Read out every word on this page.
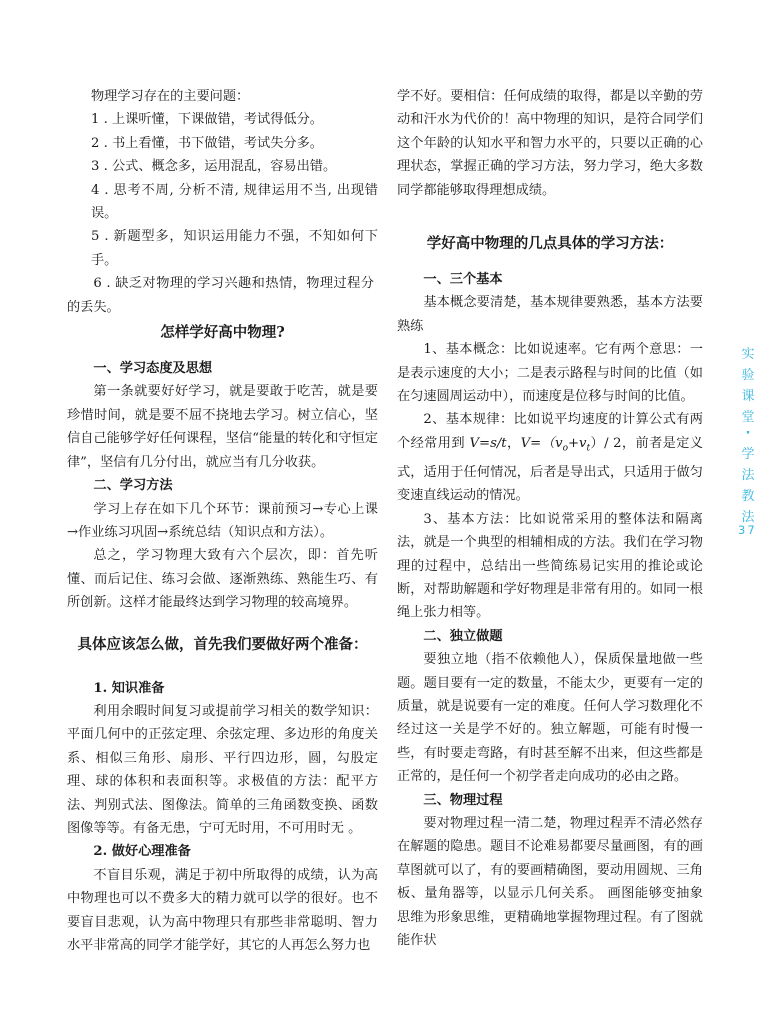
物理学习存在的主要问题：

1 . 上课听懂，下课做错，考试得低分。

2 . 书上看懂，书下做错，考试失分多。

3 . 公式、概念多，运用混乱，容易出错。

4 . 思考不周, 分析不清, 规律运用不当, 出现错误。

5 . 新题型多，知识运用能力不强，不知如何下手。

6 . 缺乏对物理的学习兴趣和热情，物理过程分的丢失。

怎样学好高中物理?

一、学习态度及思想

第一条就要好好学习，就是要敢于吃苦，就是要珍惜时间，就是要不屈不挠地去学习。树立信心，坚信自己能够学好任何课程，坚信“能量的转化和守恒定律”，坚信有几分付出，就应当有几分收获。

二、学习方法

学习上存在如下几个环节：课前预习→专心上课→作业练习巩固→系统总结（知识点和方法）。

总之，学习物理大致有六个层次，即：首先听懂、而后记住、练习会做、逐渐熟练、熟能生巧、有所创新。这样才能最终达到学习物理的较高境界。

具体应该怎么做，首先我们要做好两个准备：

1. 知识准备

利用余暇时间复习或提前学习相关的数学知识：平面几何中的正弦定理、余弦定理、多边形的角度关系、相似三角形、扇形、平行四边形，圆，勾股定理、球的体积和表面积等。求极值的方法：配平方法、判别式法、图像法。简单的三角函数变换、函数图像等等。有备无患，宁可无时用，不可用时无 。

2. 做好心理准备

不盲目乐观，满足于初中所取得的成绩，认为高中物理也可以不费多大的精力就可以学的很好。也不要盲目悲观，认为高中物理只有那些非常聪明、智力水平非常高的同学才能学好，其它的人再怎么努力也

学不好。要相信：任何成绩的取得，都是以辛勤的劳动和汗水为代价的！高中物理的知识，是符合同学们这个年龄的认知水平和智力水平的，只要以正确的心理状态，掌握正确的学习方法，努力学习，绝大多数同学都能够取得理想成绩。

学好高中物理的几点具体的学习方法：

一、三个基本

基本概念要清楚，基本规律要熟悉，基本方法要熟练

1、基本概念：比如说速率。它有两个意思：一是表示速度的大小；二是表示路程与时间的比值（如在匀速圆周运动中），而速度是位移与时间的比值。

2、基本规律：比如说平均速度的计算公式有两个经常用到 V=s/t，$V=(v_o+v_t)/$ 2，前者是定义式，适用于任何情况，后者是导出式，只适用于做匀变速直线运动的情况。

3、基本方法：比如说常采用的整体法和隔离法，就是一个典型的相辅相成的方法。我们在学习物理的过程中，总结出一些简练易记实用的推论或论断，对帮助解题和学好物理是非常有用的。如同一根绳上张力相等。

二、独立做题

要独立地（指不依赖他人），保质保量地做一些题。题目要有一定的数量，不能太少，更要有一定的质量，就是说要有一定的难度。任何人学习数理化不经过这一关是学不好的。独立解题，可能有时慢一些，有时要走弯路，有时甚至解不出来，但这些都是正常的，是任何一个初学者走向成功的必由之路。

三、物理过程

要对物理过程一清二楚，物理过程弄不清必然存在解题的隐患。题目不论难易都要尽量画图，有的画草图就可以了，有的要画精确图，要动用圆规、三角板、量角器等，以显示几何关系。 画图能够变抽象思维为形象思维，更精确地掌握物理过程。有了图就能作状

实
验
课
堂
·
学
法
教
法
37
